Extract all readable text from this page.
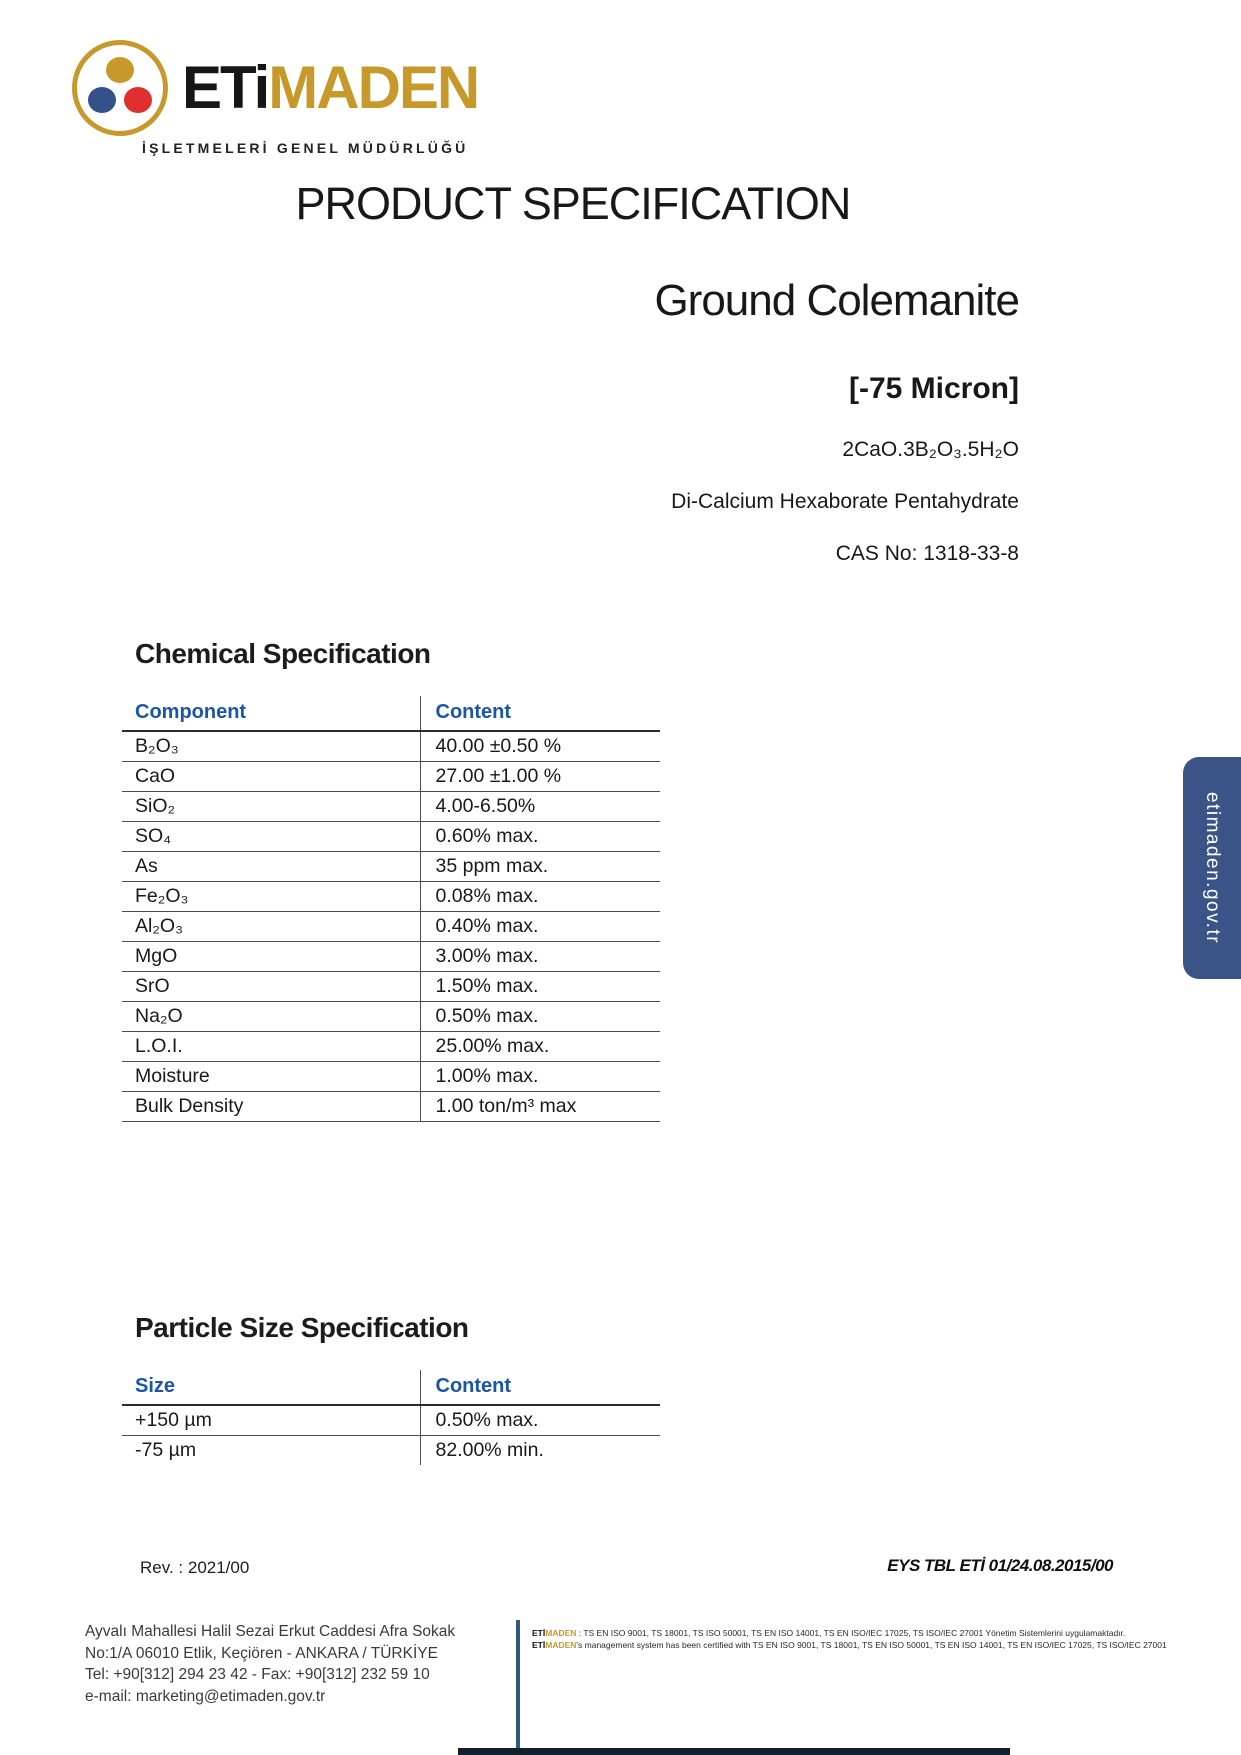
ETiMADEN
İŞLETMELERİ GENEL MÜDÜRLÜĞÜ
PRODUCT SPECIFICATION
Ground Colemanite
[-75 Micron]
2CaO.3B₂O₃.5H₂O
Di-Calcium Hexaborate Pentahydrate
CAS No: 1318-33-8
Chemical Specification
Component	Content
B₂O₃	40.00 ±0.50 %
CaO	27.00 ±1.00 %
SiO₂	4.00-6.50%
SO₄	0.60% max.
As	35 ppm max.
Fe₂O₃	0.08% max.
Al₂O₃	0.40% max.
MgO	3.00% max.
SrO	1.50% max.
Na₂O	0.50% max.
L.O.I.	25.00% max.
Moisture	1.00% max.
Bulk Density	1.00 ton/m³ max
Particle Size Specification
Size	Content
+150 µm	0.50% max.
-75 µm	82.00% min.
Rev. : 2021/00	EYS TBL ETİ 01/24.08.2015/00
etimaden.gov.tr
Ayvalı Mahallesi Halil Sezai Erkut Caddesi Afra Sokak
No:1/A 06010 Etlik, Keçiören - ANKARA / TÜRKİYE
Tel: +90[312] 294 23 42 - Fax: +90[312] 232 59 10
e-mail: marketing@etimaden.gov.tr
ETİMADEN : TS EN ISO 9001, TS 18001, TS ISO 50001, TS EN ISO 14001, TS EN ISO/IEC 17025, TS ISO/IEC 27001 Yönetim Sistemlerini uygulamaktadır.
ETİMADEN's management system has been certified with TS EN ISO 9001, TS 18001, TS EN ISO 50001, TS EN ISO 14001, TS EN ISO/IEC 17025, TS ISO/IEC 27001
